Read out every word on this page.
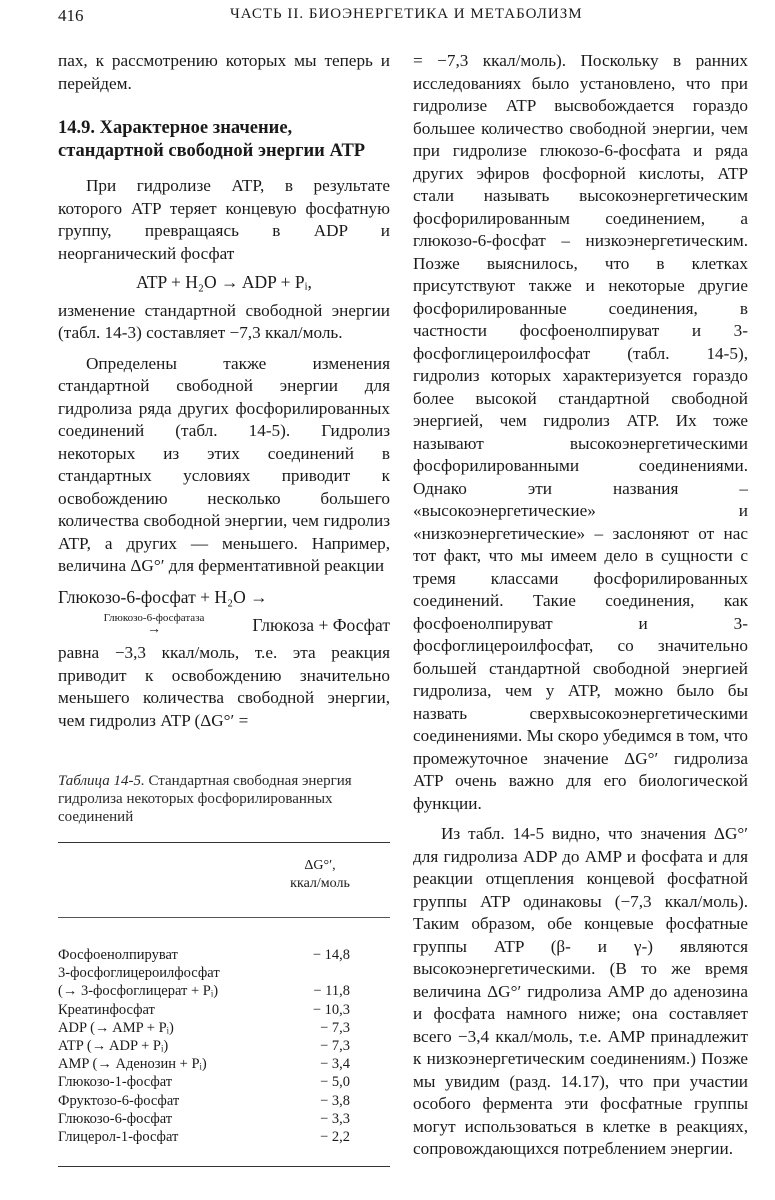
416	ЧАСТЬ II. БИОЭНЕРГЕТИКА И МЕТАБОЛИЗМ

пах, к рассмотрению которых мы теперь и перейдем.

14.9. Характерное значение, стандартной свободной энергии ATP

При гидролизе ATP, в результате которого ATP теряет концевую фосфатную группу, превращаясь в ADP и неорганический фосфат

ATP + H₂O → ADP + Pᵢ,

изменение стандартной свободной энергии (табл. 14-3) составляет −7,3 ккал/моль.

Определены также изменения стандартной свободной энергии для гидролиза ряда других фосфорилированных соединений (табл. 14-5). Гидролиз некоторых из этих соединений в стандартных условиях приводит к освобождению несколько большего количества свободной энергии, чем гидролиз ATP, а других — меньшего. Например, величина ΔG°′ для ферментативной реакции

Глюкозо-6-фосфат + H₂O →
Глюкозо-6-фосфатаза
→	Глюкоза + Фосфат

равна −3,3 ккал/моль, т.е. эта реакция приводит к освобождению значительно меньшего количества свободной энергии, чем гидролиз ATP (ΔG°′ =

Таблица 14-5. Стандартная свободная энергия гидролиза некоторых фосфорилированных соединений
ΔG°′,
ккал/моль
Фосфоенолпируват	− 14,8
3-фосфоглицероилфосфат
(→ 3-фосфоглицерат + Pᵢ)	− 11,8
Креатинфосфат	− 10,3
ADP (→ AMP + Pᵢ)	− 7,3
ATP (→ ADP + Pᵢ)	− 7,3
AMP (→ Аденозин + Pᵢ)	− 3,4
Глюкозо-1-фосфат	− 5,0
Фруктозо-6-фосфат	− 3,8
Глюкозо-6-фосфат	− 3,3
Глицерол-1-фосфат	− 2,2

= −7,3 ккал/моль). Поскольку в ранних исследованиях было установлено, что при гидролизе ATP высвобождается гораздо большее количество свободной энергии, чем при гидролизе глюкозо-6-фосфата и ряда других эфиров фосфорной кислоты, ATP стали называть высокоэнергетическим фосфорилированным соединением, а глюкозо-6-фосфат – низкоэнергетическим. Позже выяснилось, что в клетках присутствуют также и некоторые другие фосфорилированные соединения, в частности фосфоенолпируват и 3-фосфоглицероилфосфат (табл. 14-5), гидролиз которых характеризуется гораздо более высокой стандартной свободной энергией, чем гидролиз ATP. Их тоже называют высокоэнергетическими фосфорилированными соединениями. Однако эти названия – «высокоэнергетические» и «низкоэнергетические» – заслоняют от нас тот факт, что мы имеем дело в сущности с тремя классами фосфорилированных соединений. Такие соединения, как фосфоенолпируват и 3-фосфоглицероилфосфат, со значительно большей стандартной свободной энергией гидролиза, чем у ATP, можно было бы назвать сверхвысокоэнергетическими соединениями. Мы скоро убедимся в том, что промежуточное значение ΔG°′ гидролиза ATP очень важно для его биологической функции.

Из табл. 14-5 видно, что значения ΔG°′ для гидролиза ADP до AMP и фосфата и для реакции отщепления концевой фосфатной группы ATP одинаковы (−7,3 ккал/моль). Таким образом, обе концевые фосфатные группы ATP (β- и γ-) являются высокоэнергетическими. (В то же время величина ΔG°′ гидролиза AMP до аденозина и фосфата намного ниже; она составляет всего −3,4 ккал/моль, т.е. AMP принадлежит к низкоэнергетическим соединениям.) Позже мы увидим (разд. 14.17), что при участии особого фермента эти фосфатные группы могут использоваться в клетке в реакциях, сопровождающихся потреблением энергии.
